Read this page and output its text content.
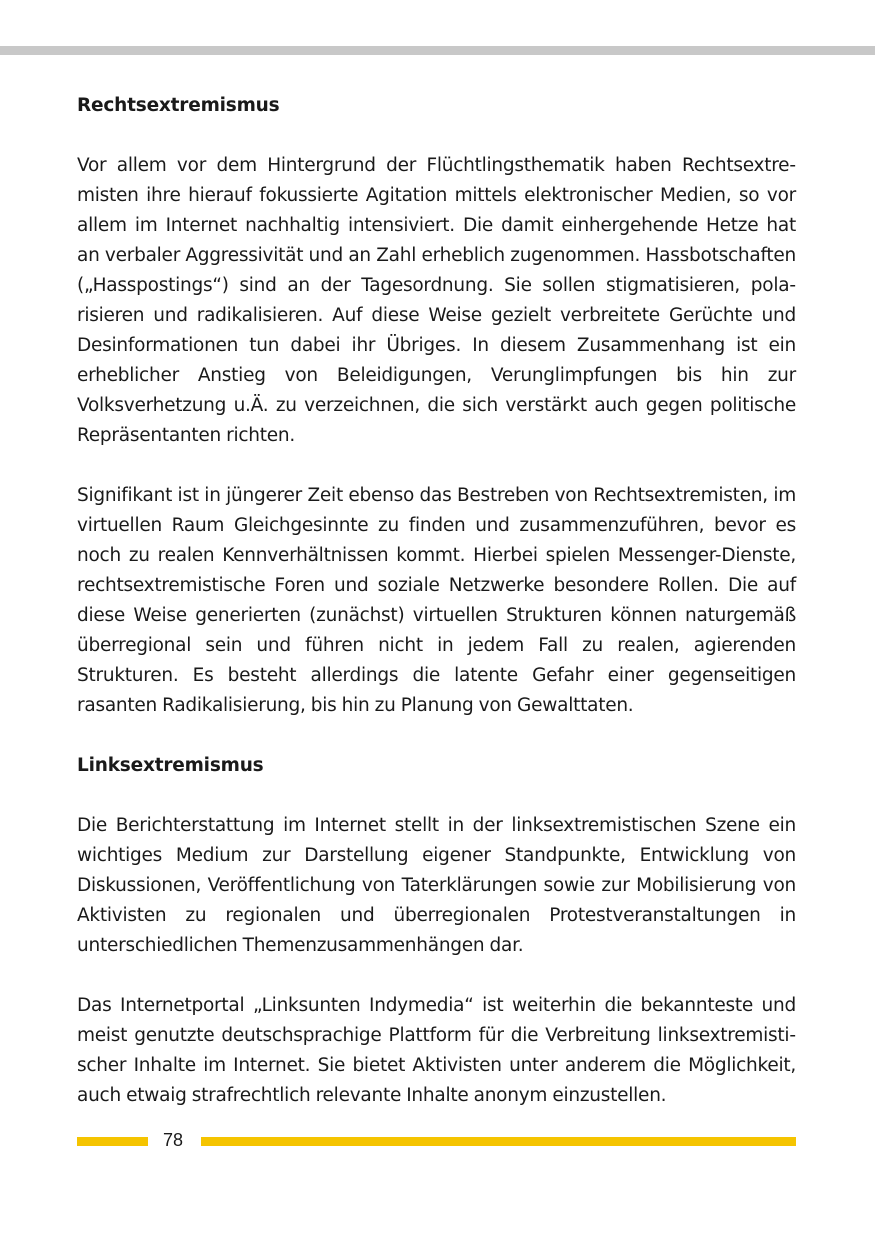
Rechtsextremismus

Vor allem vor dem Hintergrund der Flüchtlingsthematik haben Rechtsextremisten ihre hierauf fokussierte Agitation mittels elektronischer Medien, so vor allem im Internet nachhaltig intensiviert. Die damit einhergehende Hetze hat an verbaler Aggressivität und an Zahl erheblich zugenommen. Hassbotschaften („Hasspostings“) sind an der Tagesordnung. Sie sollen stigmatisieren, polarisieren und radikalisieren. Auf diese Weise gezielt verbreitete Gerüchte und Desinformationen tun dabei ihr Übriges. In diesem Zusammenhang ist ein erheblicher Anstieg von Beleidigungen, Verunglimpfungen bis hin zur Volksverhetzung u.Ä. zu verzeichnen, die sich verstärkt auch gegen politische Repräsentanten richten.

Signifikant ist in jüngerer Zeit ebenso das Bestreben von Rechtsextremisten, im virtuellen Raum Gleichgesinnte zu finden und zusammenzuführen, bevor es noch zu realen Kennverhältnissen kommt. Hierbei spielen Messenger-Dienste, rechtsextremistische Foren und soziale Netzwerke besondere Rollen. Die auf diese Weise generierten (zunächst) virtuellen Strukturen können naturgemäß überregional sein und führen nicht in jedem Fall zu realen, agierenden Strukturen. Es besteht allerdings die latente Gefahr einer gegenseitigen rasanten Radikalisierung, bis hin zu Planung von Gewalttaten.

Linksextremismus

Die Berichterstattung im Internet stellt in der linksextremistischen Szene ein wichtiges Medium zur Darstellung eigener Standpunkte, Entwicklung von Diskussionen, Veröffentlichung von Taterklärungen sowie zur Mobilisierung von Aktivisten zu regionalen und überregionalen Protestveranstaltungen in unterschiedlichen Themenzusammenhängen dar.

Das Internetportal „Linksunten Indymedia“ ist weiterhin die bekannteste und meist genutzte deutschsprachige Plattform für die Verbreitung linksextremistischer Inhalte im Internet. Sie bietet Aktivisten unter anderem die Möglichkeit, auch etwaig strafrechtlich relevante Inhalte anonym einzustellen.

78
